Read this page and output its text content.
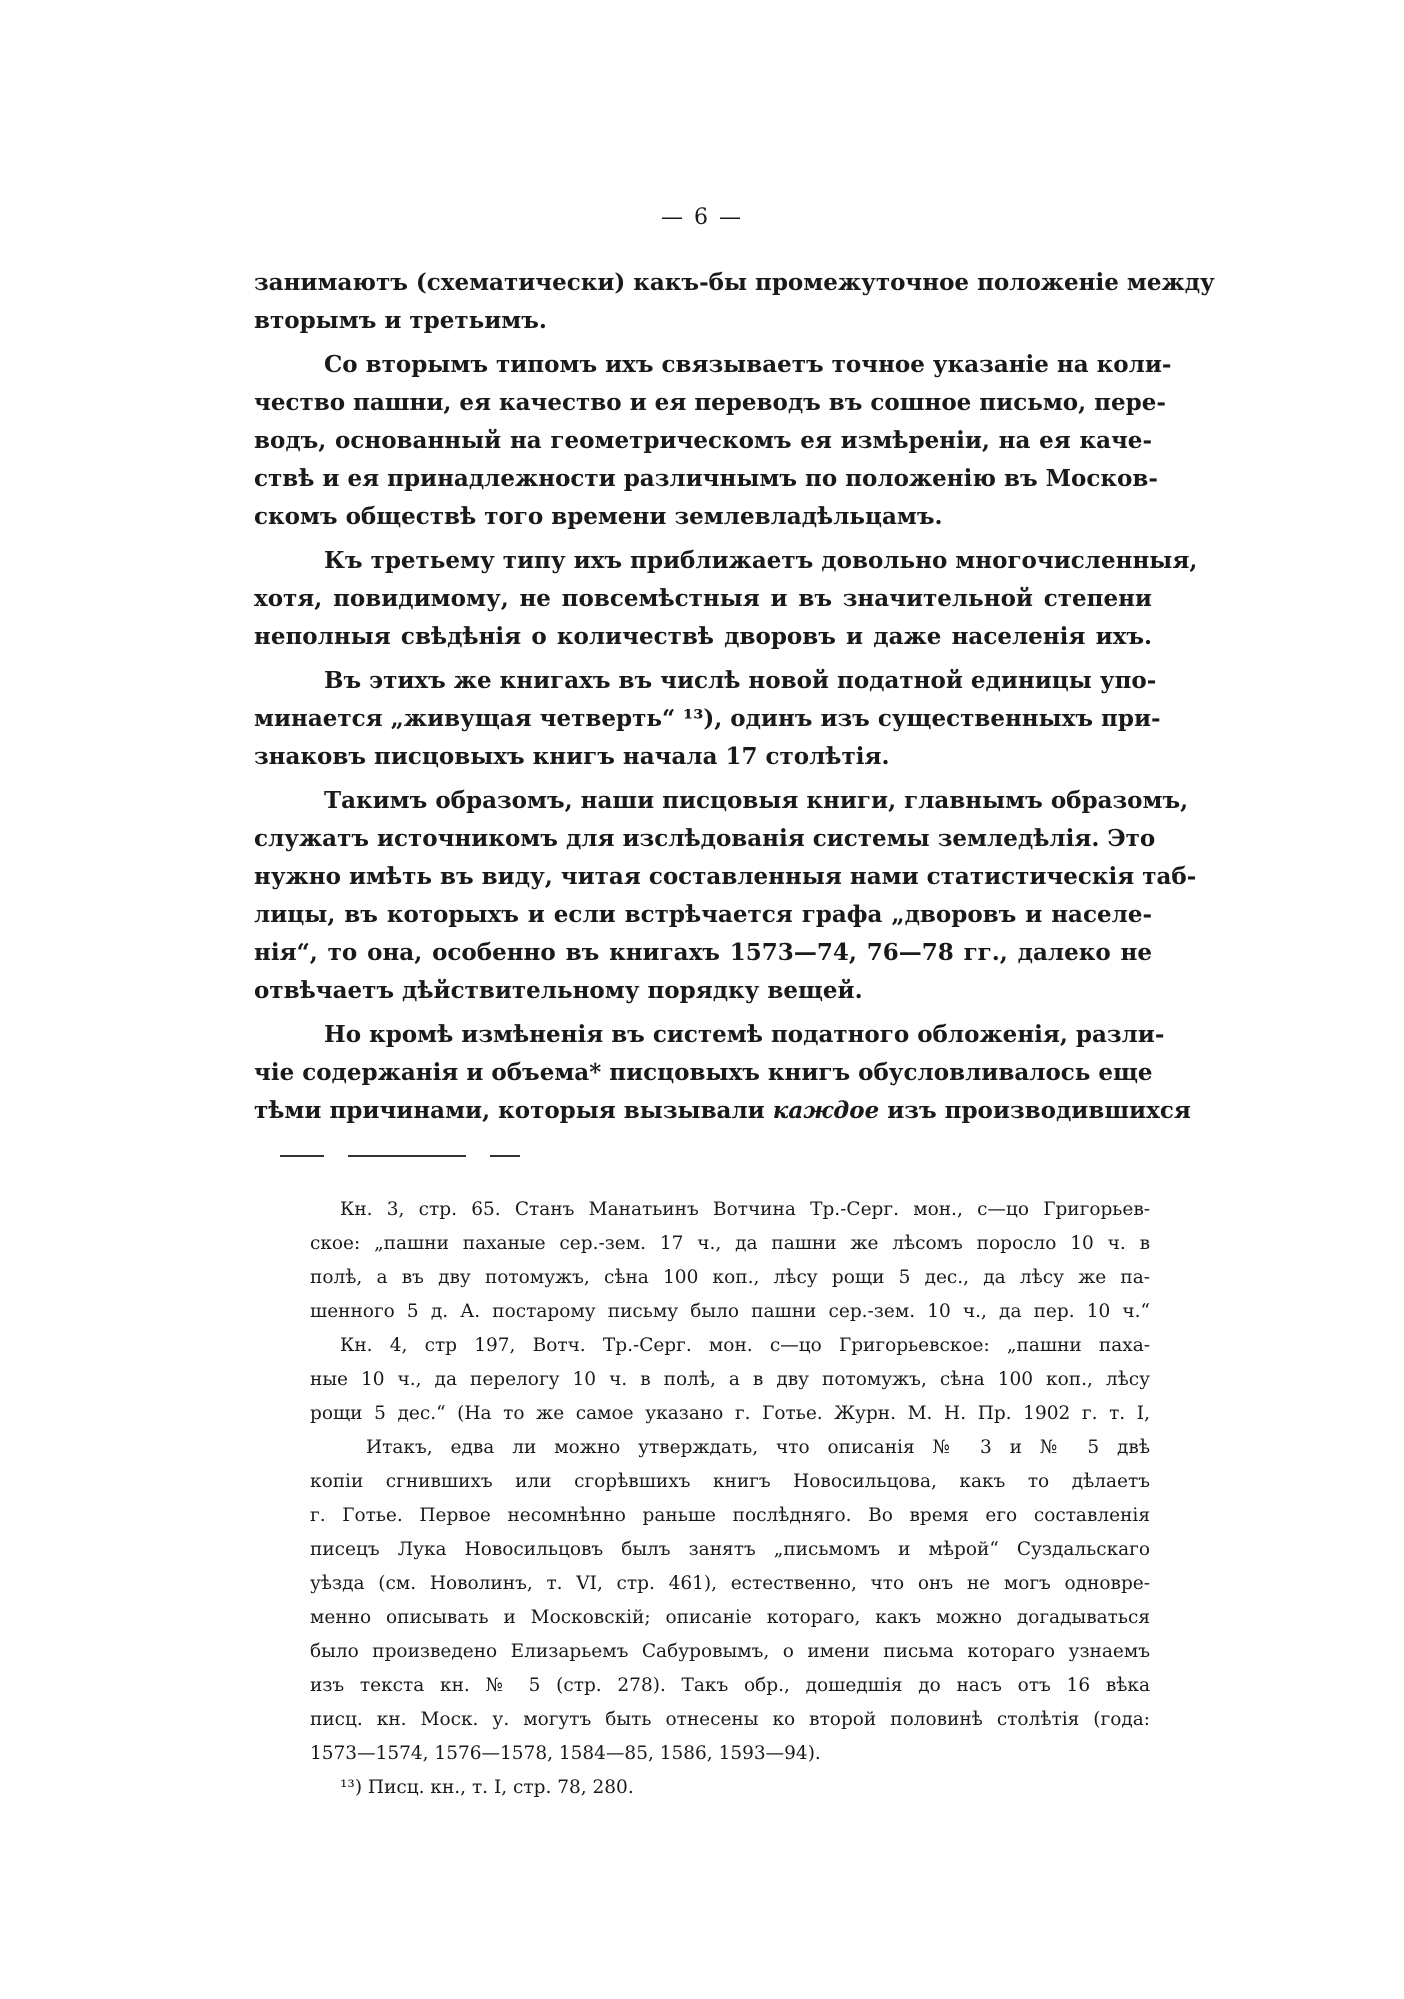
— 6 —
занимаютъ (схематически) какъ-бы промежуточное положеніе между
вторымъ и третьимъ.
Со вторымъ типомъ ихъ связываетъ точное указаніе на коли-
чество пашни, ея качество и ея переводъ въ сошное письмо, пере-
водъ, основанный на геометрическомъ ея измѣреніи, на ея каче-
ствѣ и ея принадлежности различнымъ по положенію въ Москов-
скомъ обществѣ того времени землевладѣльцамъ.
Къ третьему типу ихъ приближаетъ довольно многочисленныя,
хотя, повидимому, не повсемѣстныя и въ значительной степени
неполныя свѣдѣнія о количествѣ дворовъ и даже населенія ихъ.
Въ этихъ же книгахъ въ числѣ новой податной единицы упо-
минается „живущая четверть“ ¹³), одинъ изъ существенныхъ при-
знаковъ писцовыхъ книгъ начала 17 столѣтія.
Такимъ образомъ, наши писцовыя книги, главнымъ образомъ,
служатъ источникомъ для изслѣдованія системы земледѣлія. Это
нужно имѣть въ виду, читая составленныя нами статистическія таб-
лицы, въ которыхъ и если встрѣчается графа „дворовъ и населе-
нія“, то она, особенно въ книгахъ 1573—74, 76—78 гг., далеко не
отвѣчаетъ дѣйствительному порядку вещей.
Но кромѣ измѣненія въ системѣ податного обложенія, разли-
чіе содержанія и объема* писцовыхъ книгъ обусловливалось еще
тѣми причинами, которыя вызывали каждое изъ производившихся
Кн. 3, стр. 65. Станъ Манатьинъ Вотчина Тр.-Серг. мон., с—цо Григорьев-
ское: „пашни паханые сер.-зем. 17 ч., да пашни же лѣсомъ поросло 10 ч. в
полѣ, а въ дву потомужъ, сѣна 100 коп., лѣсу рощи 5 дес., да лѣсу же па-
шенного 5 д. А. постарому письму было пашни сер.-зем. 10 ч., да пер. 10 ч.“
Кн. 4, стр 197, Вотч. Тр.-Серг. мон. с—цо Григорьевское: „пашни паха-
ные 10 ч., да перелогу 10 ч. в полѣ, а в дву потомужъ, сѣна 100 коп., лѣсу
рощи 5 дес.“ (На то же самое указано г. Готье. Журн. М. Н. Пр. 1902 г. т. I,
Итакъ, едва ли можно утверждать, что описанія № 3 и № 5 двѣ
копіи сгнившихъ или сгорѣвшихъ книгъ Новосильцова, какъ то дѣлаетъ
г. Готье. Первое несомнѣнно раньше послѣдняго. Во время его составленія
писецъ Лука Новосильцовъ былъ занятъ „письмомъ и мѣрой“ Суздальскаго
уѣзда (см. Новолинъ, т. VI, стр. 461), естественно, что онъ не могъ одновре-
менно описывать и Московскій; описаніе котораго, какъ можно догадываться
было произведено Елизарьемъ Сабуровымъ, о имени письма котораго узнаемъ
изъ текста кн. № 5 (стр. 278). Такъ обр., дошедшія до насъ отъ 16 вѣка
писц. кн. Моск. у. могутъ быть отнесены ко второй половинѣ столѣтія (года:
1573—1574, 1576—1578, 1584—85, 1586, 1593—94).
¹³) Писц. кн., т. I, стр. 78, 280.
